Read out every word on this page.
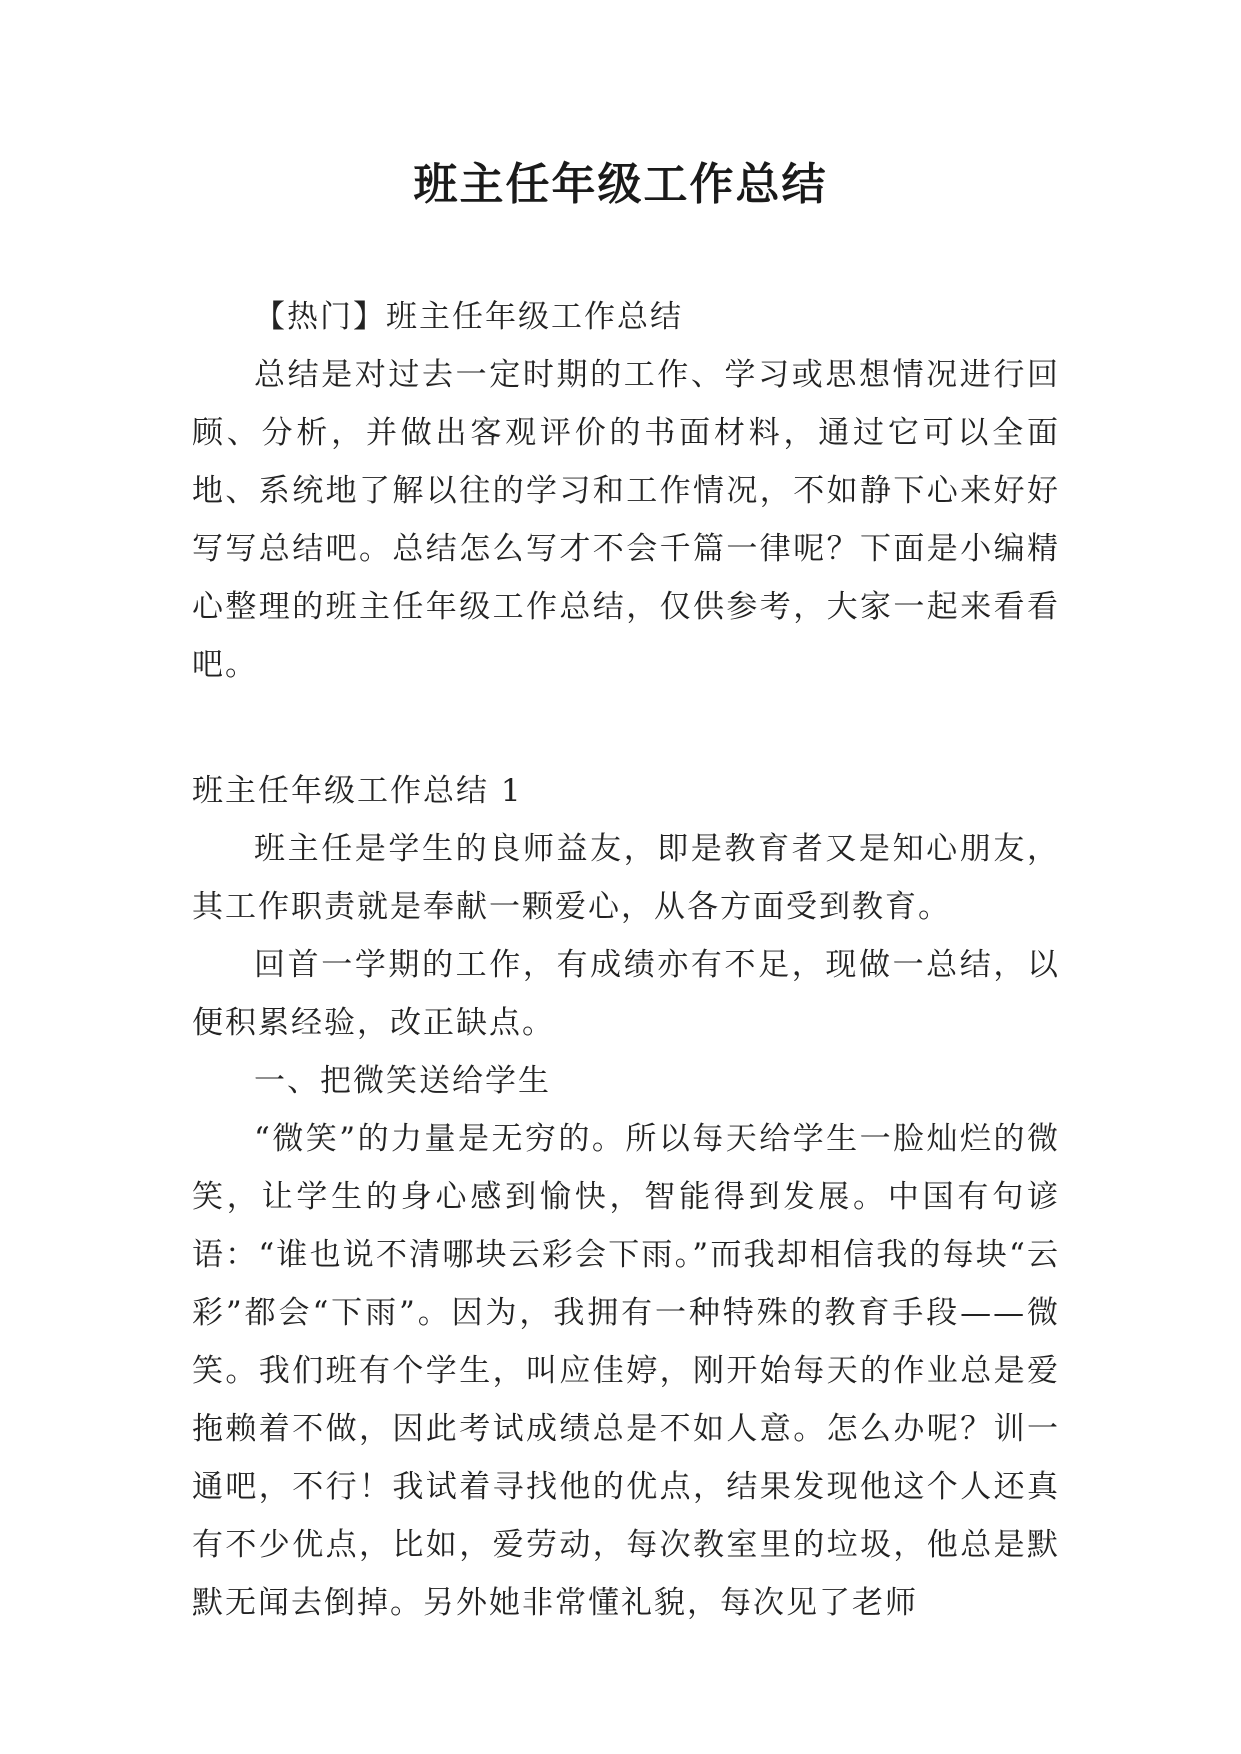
班主任年级工作总结

【热门】班主任年级工作总结

总结是对过去一定时期的工作、学习或思想情况进行回顾、分析，并做出客观评价的书面材料，通过它可以全面地、系统地了解以往的学习和工作情况，不如静下心来好好写写总结吧。总结怎么写才不会千篇一律呢？下面是小编精心整理的班主任年级工作总结，仅供参考，大家一起来看看吧。

班主任年级工作总结 1

班主任是学生的良师益友，即是教育者又是知心朋友，其工作职责就是奉献一颗爱心，从各方面受到教育。

回首一学期的工作，有成绩亦有不足，现做一总结，以便积累经验，改正缺点。

一、把微笑送给学生

“微笑”的力量是无穷的。所以每天给学生一脸灿烂的微笑，让学生的身心感到愉快，智能得到发展。中国有句谚语：“谁也说不清哪块云彩会下雨。”而我却相信我的每块“云彩”都会“下雨”。因为，我拥有一种特殊的教育手段——微笑。我们班有个学生，叫应佳婷，刚开始每天的作业总是爱拖赖着不做，因此考试成绩总是不如人意。怎么办呢？训一通吧，不行！我试着寻找他的优点，结果发现他这个人还真有不少优点，比如，爱劳动，每次教室里的垃圾，他总是默默无闻去倒掉。另外她非常懂礼貌，每次见了老师
